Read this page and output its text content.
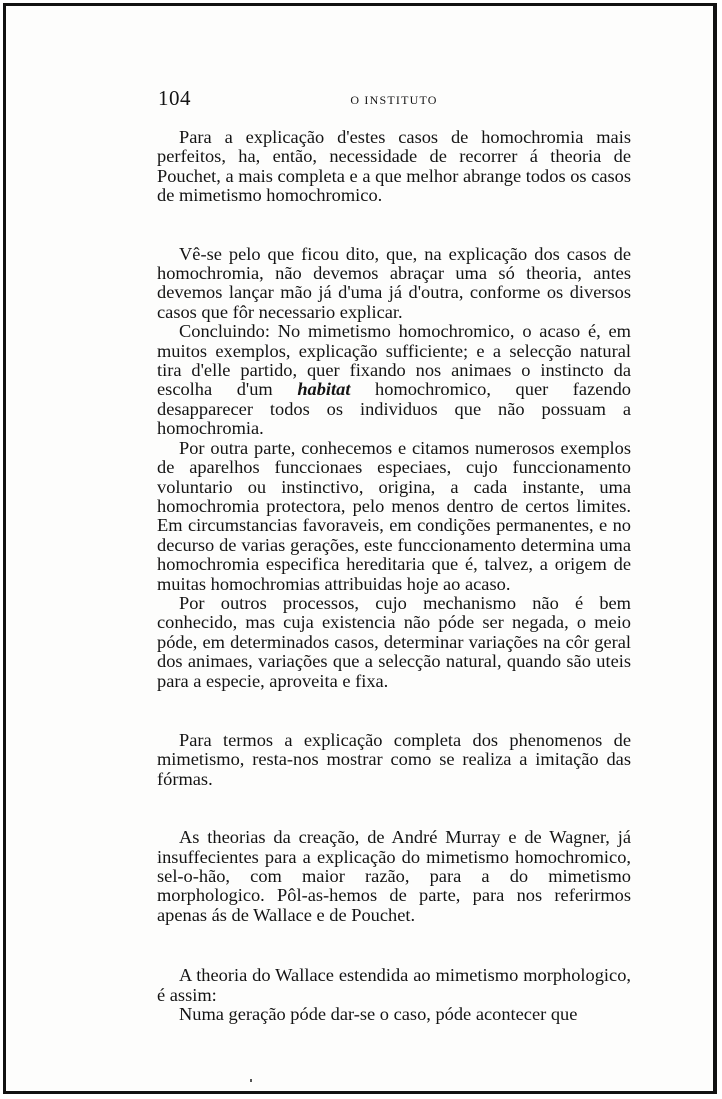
104	O INSTITUTO

Para a explicação d'estes casos de homochromia mais perfeitos, ha, então, necessidade de recorrer á theoria de Pouchet, a mais completa e a que melhor abrange todos os casos de mimetismo homochromico.

Vê-se pelo que ficou dito, que, na explicação dos casos de homochromia, não devemos abraçar uma só theoria, antes devemos lançar mão já d'uma já d'outra, conforme os diversos casos que fôr necessario explicar.

Concluindo: No mimetismo homochromico, o acaso é, em muitos exemplos, explicação sufficiente; e a selecção natural tira d'elle partido, quer fixando nos animaes o instincto da escolha d'um habitat homochromico, quer fazendo desapparecer todos os individuos que não possuam a homochromia.

Por outra parte, conhecemos e citamos numerosos exemplos de aparelhos funccionaes especiaes, cujo funccionamento voluntario ou instinctivo, origina, a cada instante, uma homochromia protectora, pelo menos dentro de certos limites. Em circumstancias favoraveis, em condições permanentes, e no decurso de varias gerações, este funccionamento determina uma homochromia especifica hereditaria que é, talvez, a origem de muitas homochromias attribuidas hoje ao acaso.

Por outros processos, cujo mechanismo não é bem conhecido, mas cuja existencia não póde ser negada, o meio póde, em determinados casos, determinar variações na côr geral dos animaes, variações que a selecção natural, quando são uteis para a especie, aproveita e fixa.

Para termos a explicação completa dos phenomenos de mimetismo, resta-nos mostrar como se realiza a imitação das fórmas.

As theorias da creação, de André Murray e de Wagner, já insuffecientes para a explicação do mimetismo homochromico, sel-o-hão, com maior razão, para a do mimetismo morphologico. Pôl-as-hemos de parte, para nos referirmos apenas ás de Wallace e de Pouchet.

A theoria do Wallace estendida ao mimetismo morphologico, é assim:

Numa geração póde dar-se o caso, póde acontecer que
